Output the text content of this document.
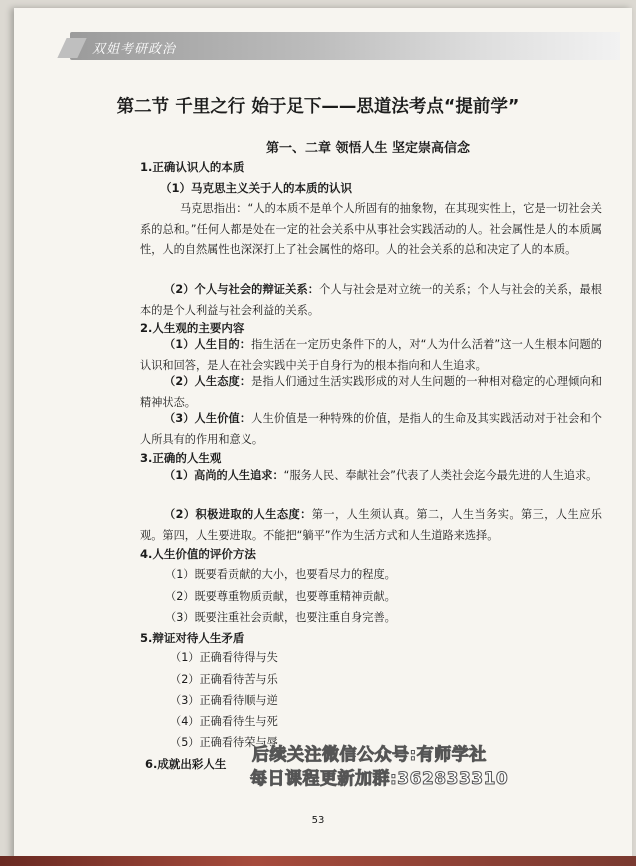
双姐考研政治
第二节 千里之行 始于足下——思道法考点“提前学”
第一、二章 领悟人生 坚定崇高信念
1.正确认识人的本质
（1）马克思主义关于人的本质的认识
马克思指出：“人的本质不是单个人所固有的抽象物，在其现实性上，它是一切社会关系的总和。”任何人都是处在一定的社会关系中从事社会实践活动的人。社会属性是人的本质属性，人的自然属性也深深打上了社会属性的烙印。人的社会关系的总和决定了人的本质。
（2）个人与社会的辩证关系：个人与社会是对立统一的关系；个人与社会的关系，最根本的是个人利益与社会利益的关系。
2.人生观的主要内容
（1）人生目的：指生活在一定历史条件下的人，对“人为什么活着”这一人生根本问题的认识和回答，是人在社会实践中关于自身行为的根本指向和人生追求。
（2）人生态度：是指人们通过生活实践形成的对人生问题的一种相对稳定的心理倾向和精神状态。
（3）人生价值：人生价值是一种特殊的价值，是指人的生命及其实践活动对于社会和个人所具有的作用和意义。
3.正确的人生观
（1）高尚的人生追求：“服务人民、奉献社会”代表了人类社会迄今最先进的人生追求。
（2）积极进取的人生态度：第一，人生须认真。第二，人生当务实。第三，人生应乐观。第四，人生要进取。不能把“躺平”作为生活方式和人生道路来选择。
4.人生价值的评价方法
（1）既要看贡献的大小，也要看尽力的程度。
（2）既要尊重物质贡献，也要尊重精神贡献。
（3）既要注重社会贡献，也要注重自身完善。
5.辩证对待人生矛盾
（1）正确看待得与失
（2）正确看待苦与乐
（3）正确看待顺与逆
（4）正确看待生与死
（5）正确看待荣与辱
6.成就出彩人生 后续关注微信公众号:有师学社
每日课程更新加群:362833310
53
